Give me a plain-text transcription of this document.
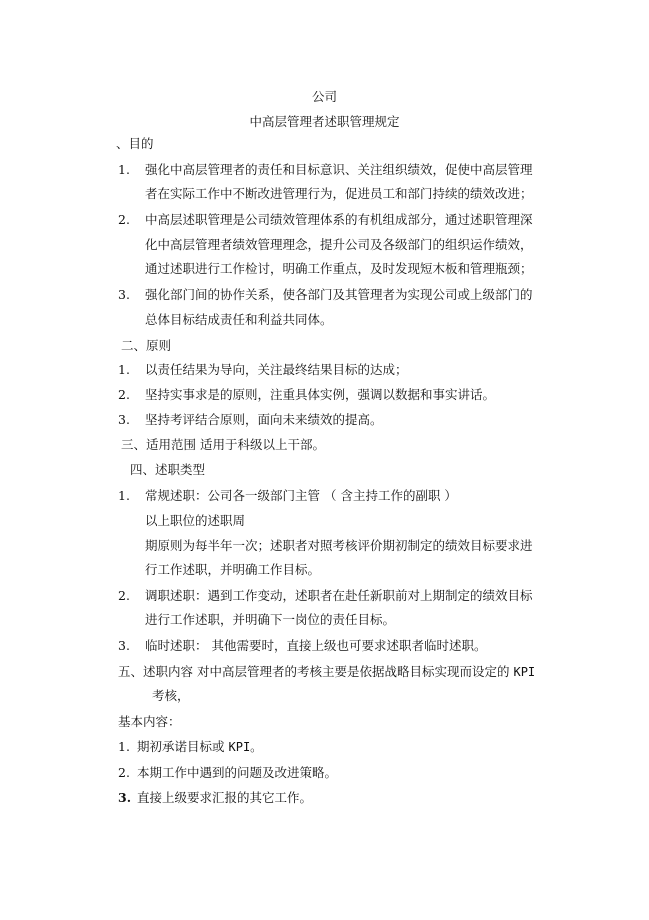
公司
中高层管理者述职管理规定
、目的
1. 强化中高层管理者的责任和目标意识、关注组织绩效，促使中高层管理
者在实际工作中不断改进管理行为，促进员工和部门持续的绩效改进；
2. 中高层述职管理是公司绩效管理体系的有机组成部分，通过述职管理深
化中高层管理者绩效管理理念，提升公司及各级部门的组织运作绩效，
通过述职进行工作检讨，明确工作重点，及时发现短木板和管理瓶颈；
3. 强化部门间的协作关系，使各部门及其管理者为实现公司或上级部门的
总体目标结成责任和利益共同体。
二、原则
1. 以责任结果为导向，关注最终结果目标的达成；
2. 坚持实事求是的原则，注重具体实例，强调以数据和事实讲话。
3. 坚持考评结合原则，面向未来绩效的提高。
三、适用范围 适用于科级以上干部。
四、述职类型
1. 常规述职：公司各一级部门主管 （ 含主持工作的副职 ）
以上职位的述职周
期原则为每半年一次；述职者对照考核评价期初制定的绩效目标要求进
行工作述职，并明确工作目标。
2. 调职述职：遇到工作变动，述职者在赴任新职前对上期制定的绩效目标
进行工作述职，并明确下一岗位的责任目标。
3. 临时述职： 其他需要时，直接上级也可要求述职者临时述职。
五、述职内容 对中高层管理者的考核主要是依据战略目标实现而设定的 KPI
考核，
基本内容：
1. 期初承诺目标或 KPI。
2. 本期工作中遇到的问题及改进策略。
3. 直接上级要求汇报的其它工作。
